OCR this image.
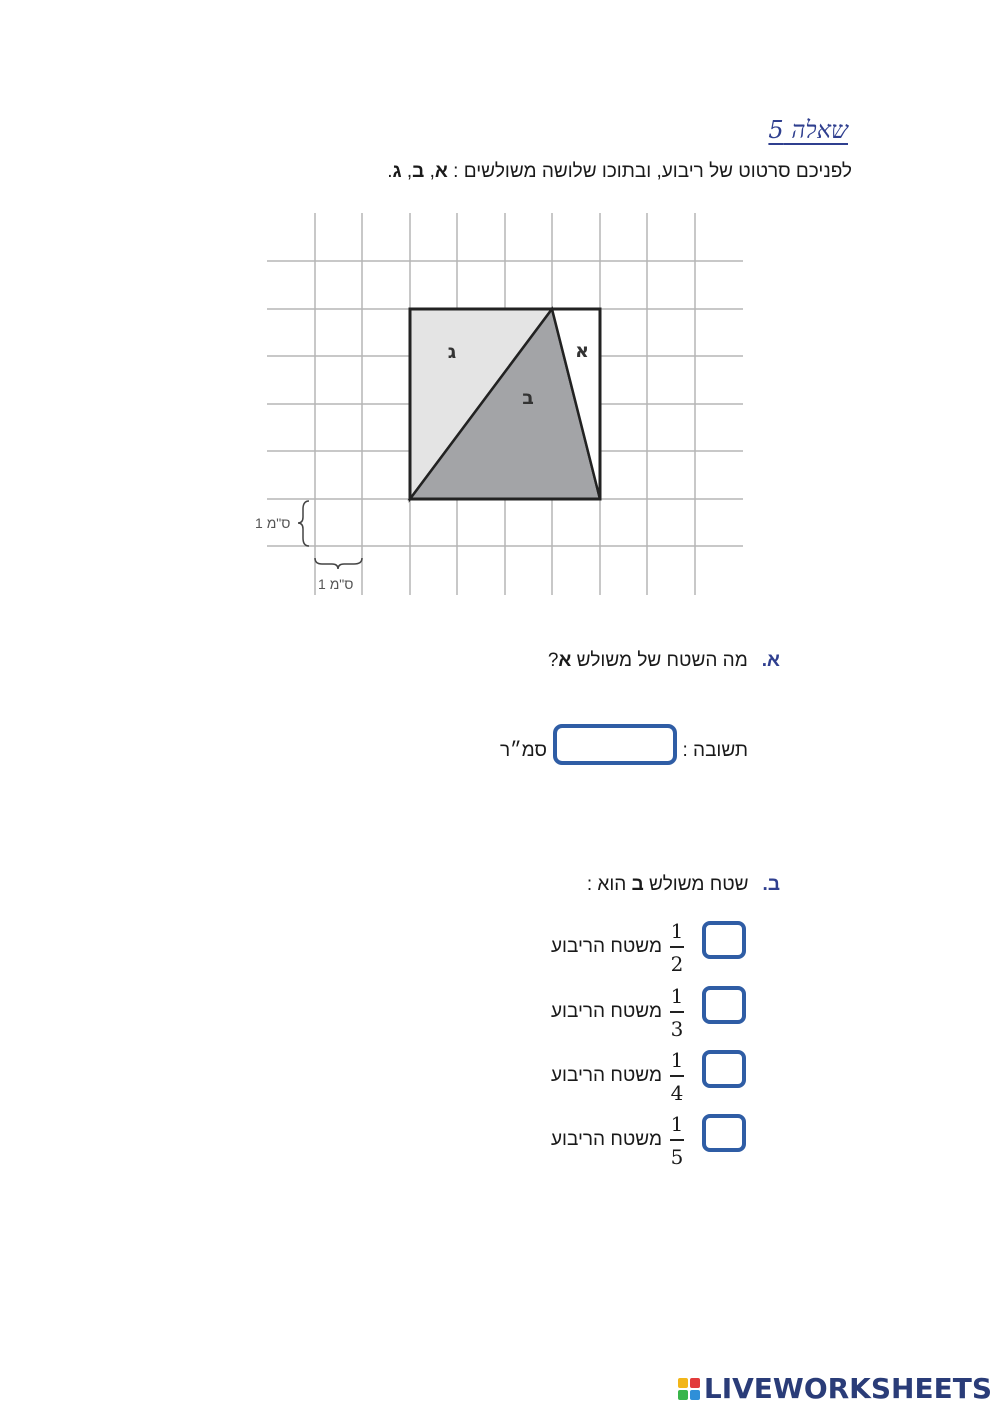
שאלה 5
לפניכם סרטוט של ריבוע, ובתוכו שלושה משולשים : א, ב, ג.
ג
ב
א
1 ס"מ
1 ס"מ
א.מה השטח של משולש א?
תשובה :
סמ״ר
ב.שטח משולש ב הוא :
$\frac{1}{2}$
משטח הריבוע
$\frac{1}{3}$
משטח הריבוע
$\frac{1}{4}$
משטח הריבוע
$\frac{1}{5}$
משטח הריבוע
LIVEWORKSHEETS
